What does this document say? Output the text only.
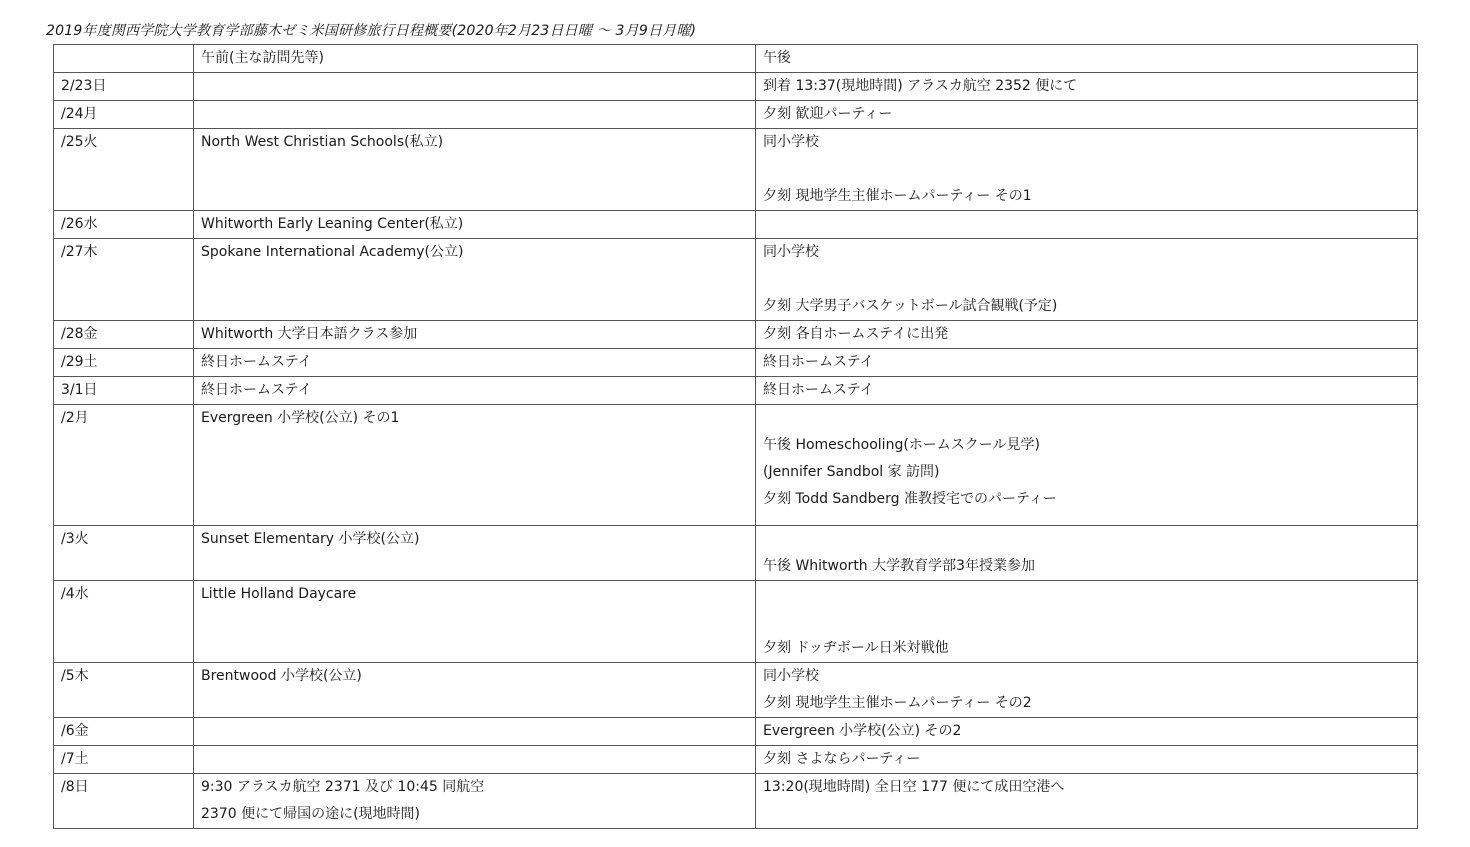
2019年度関西学院大学教育学部藤木ゼミ米国研修旅行日程概要(2020年2月23日日曜 〜 3月9日月曜)

	午前(主な訪問先等)	午後

2/23日		到着 13:37(現地時間) アラスカ航空 2352 便にて

/24月		夕刻 歓迎パーティー

/25火	North West Christian Schools(私立)	同小学校
夕刻 現地学生主催ホームパーティー その1

/26水	Whitworth Early Leaning Center(私立)	

/27木	Spokane International Academy(公立)	同小学校
夕刻 大学男子バスケットボール試合観戦(予定)

/28金	Whitworth 大学日本語クラス参加	夕刻 各自ホームステイに出発

/29土	終日ホームステイ	終日ホームステイ

3/1日	終日ホームステイ	終日ホームステイ

/2月	Evergreen 小学校(公立) その1	午後 Homeschooling(ホームスクール見学)
(Jennifer Sandbol 家 訪問)
夕刻 Todd Sandberg 准教授宅でのパーティー

/3火	Sunset Elementary 小学校(公立)	午後 Whitworth 大学教育学部3年授業参加

/4水	Little Holland Daycare	夕刻 ドッヂボール日米対戦他

/5木	Brentwood 小学校(公立)	同小学校
夕刻 現地学生主催ホームパーティー その2

/6金		Evergreen 小学校(公立) その2

/7土		夕刻 さよならパーティー

/8日	9:30 アラスカ航空 2371 及び 10:45 同航空
2370 便にて帰国の途に(現地時間)	13:20(現地時間) 全日空 177 便にて成田空港へ
